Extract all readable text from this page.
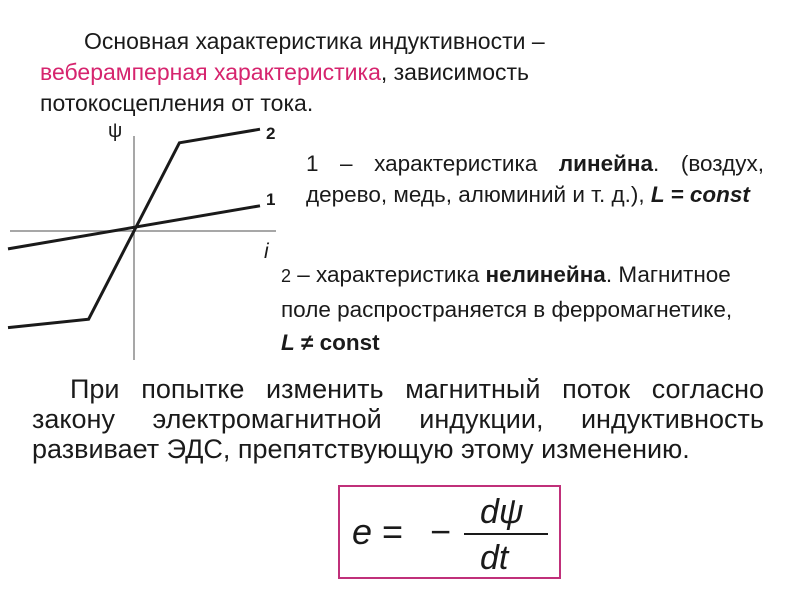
Основная характеристика индуктивности –
веберамперная характеристика, зависимость
потокосцепления от тока.
ψ
i
2
1
1 – характеристика линейна. (воздух, дерево, медь, алюминий и т. д.), L = const
2 – характеристика нелинейна. Магнитное поле распространяется в ферромагнетике, L ≠ const
При попытке изменить магнитный поток согласно закону электромагнитной индукции, индуктивность развивает ЭДС, препятствующую этому изменению.
e = − dψ
dt
